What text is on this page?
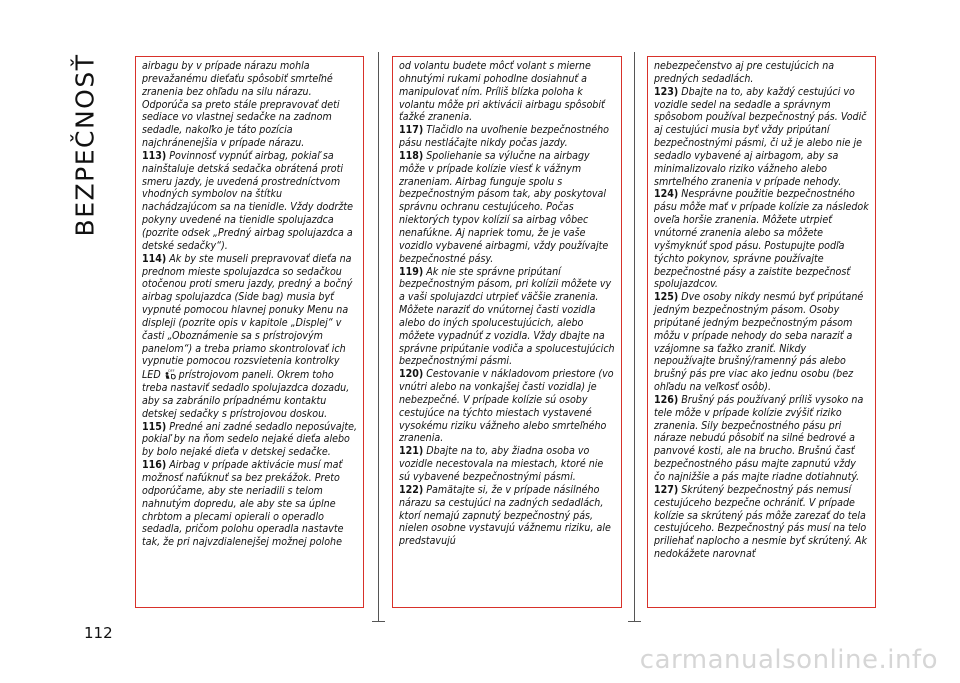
BEZPEČNOSŤ	airbagu by v prípade nárazu mohla prevažanému dieťaťu spôsobiť smrteľné zranenia bez ohľadu na silu nárazu. Odporúča sa preto stále prepravovať deti sediace vo vlastnej sedačke na zadnom sedadle, nakoľko je táto pozícia najchránenejšia v prípade nárazu.

113) Povinnosť vypnúť airbag, pokiaľ sa nainštaluje detská sedačka obrátená proti smeru jazdy, je uvedená prostredníctvom vhodných symbolov na štítku nachádzajúcom sa na tienidle. Vždy dodržte pokyny uvedené na tienidle spolujazdca (pozrite odsek „Predný airbag spolujazdca a detské sedačky“).

114) Ak by ste museli prepravovať dieťa na prednom mieste spolujazdca so sedačkou otočenou proti smeru jazdy, predný a bočný airbag spolujazdca (Side bag) musia byť vypnuté pomocou hlavnej ponuky Menu na displeji (pozrite opis v kapitole „Displej“ v časti „Oboznámenie sa s prístrojovým panelom“) a treba priamo skontrolovať ich vypnutie pomocou rozsvietenia kontrolky LED OFF prístrojovom paneli. Okrem toho treba nastaviť sedadlo spolujazdca dozadu, aby sa zabránilo prípadnému kontaktu detskej sedačky s prístrojovou doskou.

115) Predné ani zadné sedadlo neposúvajte, pokiaľ by na ňom sedelo nejaké dieťa alebo by bolo nejaké dieťa v detskej sedačke.

116) Airbag v prípade aktivácie musí mať možnosť nafúknuť sa bez prekážok. Preto odporúčame, aby ste neriadili s telom nahnutým dopredu, ale aby ste sa úplne chrbtom a plecami opierali o operadlo sedadla, pričom polohu operadla nastavte tak, že pri najvzdialenejšej možnej polohe

od volantu budete môcť volant s mierne ohnutými rukami pohodlne dosiahnuť a manipulovať ním. Príliš blízka poloha k volantu môže pri aktivácii airbagu spôsobiť ťažké zranenia.

117) Tlačidlo na uvoľnenie bezpečnostného pásu nestláčajte nikdy počas jazdy.

118) Spoliehanie sa výlučne na airbagy môže v prípade kolízie viesť k vážnym zraneniam. Airbag funguje spolu s bezpečnostným pásom tak, aby poskytoval správnu ochranu cestujúceho. Počas niektorých typov kolízií sa airbag vôbec nenafúkne. Aj napriek tomu, že je vaše vozidlo vybavené airbagmi, vždy používajte bezpečnostné pásy.

119) Ak nie ste správne pripútaní bezpečnostným pásom, pri kolízii môžete vy a vaši spolujazdci utrpieť väčšie zranenia. Môžete naraziť do vnútornej časti vozidla alebo do iných spolucestujúcich, alebo môžete vypadnúť z vozidla. Vždy dbajte na správne pripútanie vodiča a spolucestujúcich bezpečnostnými pásmi.

120) Cestovanie v nákladovom priestore (vo vnútri alebo na vonkajšej časti vozidla) je nebezpečné. V prípade kolízie sú osoby cestujúce na týchto miestach vystavené vysokému riziku vážneho alebo smrteľného zranenia.

121) Dbajte na to, aby žiadna osoba vo vozidle necestovala na miestach, ktoré nie sú vybavené bezpečnostnými pásmi.

122) Pamätajte si, že v prípade násilného nárazu sa cestujúci na zadných sedadlách, ktorí nemajú zapnutý bezpečnostný pás, nielen osobne vystavujú vážnemu riziku, ale predstavujú

nebezpečenstvo aj pre cestujúcich na predných sedadlách.

123) Dbajte na to, aby každý cestujúci vo vozidle sedel na sedadle a správnym spôsobom používal bezpečnostný pás. Vodič aj cestujúci musia byť vždy pripútaní bezpečnostnými pásmi, či už je alebo nie je sedadlo vybavené aj airbagom, aby sa minimalizovalo riziko vážneho alebo smrteľného zranenia v prípade nehody.

124) Nesprávne použitie bezpečnostného pásu môže mať v prípade kolízie za následok oveľa horšie zranenia. Môžete utrpieť vnútorné zranenia alebo sa môžete vyšmyknúť spod pásu. Postupujte podľa týchto pokynov, správne používajte bezpečnostné pásy a zaistite bezpečnosť spolujazdcov.

125) Dve osoby nikdy nesmú byť pripútané jedným bezpečnostným pásom. Osoby pripútané jedným bezpečnostným pásom môžu v prípade nehody do seba naraziť a vzájomne sa ťažko zraniť. Nikdy nepoužívajte brušný/ramenný pás alebo brušný pás pre viac ako jednu osobu (bez ohľadu na veľkosť osôb).

126) Brušný pás používaný príliš vysoko na tele môže v prípade kolízie zvýšiť riziko zranenia. Sily bezpečnostného pásu pri náraze nebudú pôsobiť na silné bedrové a panvové kosti, ale na brucho. Brušnú časť bezpečnostného pásu majte zapnutú vždy čo najnižšie a pás majte riadne dotiahnutý.

127) Skrútený bezpečnostný pás nemusí cestujúceho bezpečne ochrániť. V prípade kolízie sa skrútený pás môže zarezať do tela cestujúceho. Bezpečnostný pás musí na telo priliehať naplocho a nesmie byť skrútený. Ak nedokážete narovnať

112
carmanualsonline.info
